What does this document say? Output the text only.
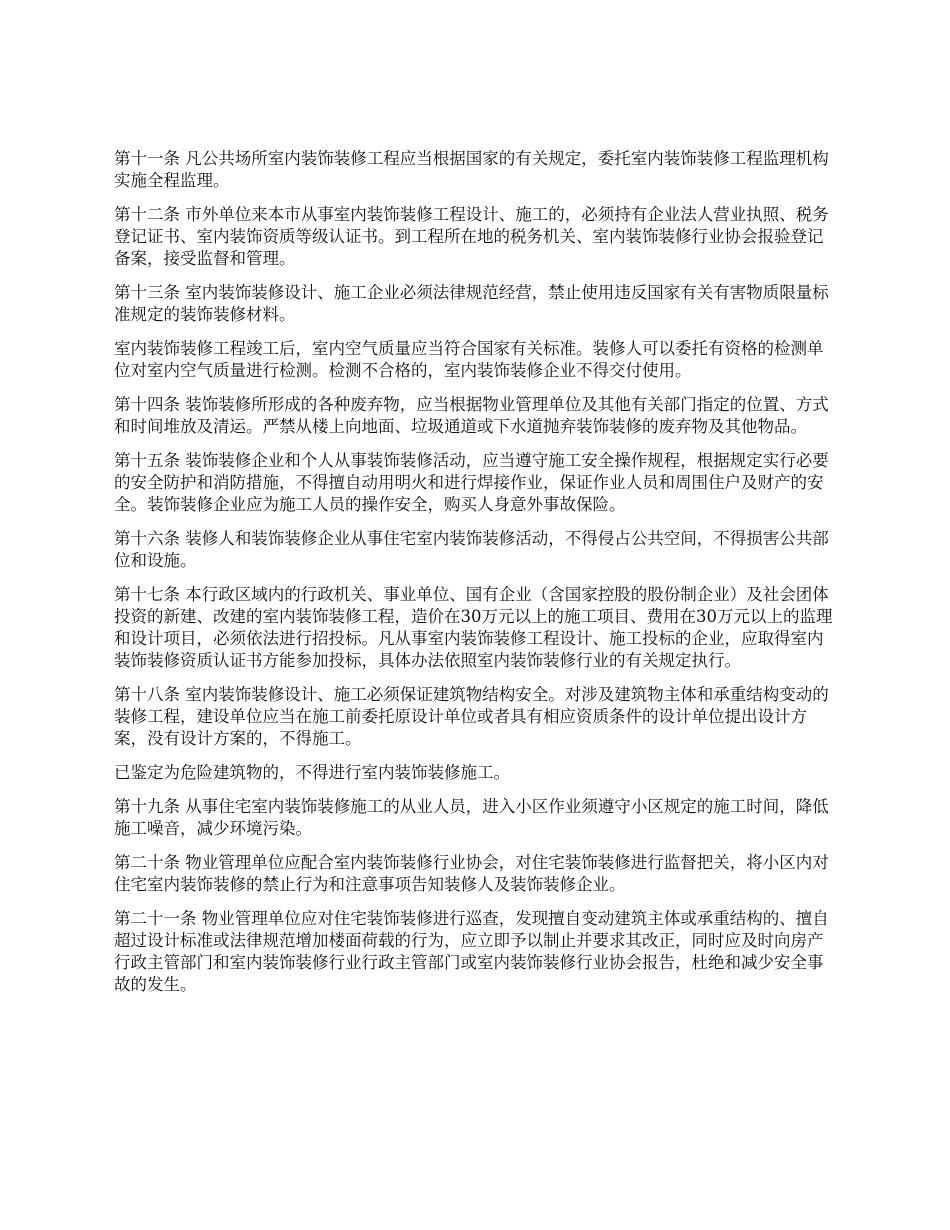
第十一条 凡公共场所室内装饰装修工程应当根据国家的有关规定，委托室内装饰装修工程监理机构实施全程监理。

第十二条 市外单位来本市从事室内装饰装修工程设计、施工的，必须持有企业法人营业执照、税务登记证书、室内装饰资质等级认证书。到工程所在地的税务机关、室内装饰装修行业协会报验登记备案，接受监督和管理。

第十三条 室内装饰装修设计、施工企业必须法律规范经营，禁止使用违反国家有关有害物质限量标准规定的装饰装修材料。

室内装饰装修工程竣工后，室内空气质量应当符合国家有关标准。装修人可以委托有资格的检测单位对室内空气质量进行检测。检测不合格的，室内装饰装修企业不得交付使用。

第十四条 装饰装修所形成的各种废弃物，应当根据物业管理单位及其他有关部门指定的位置、方式和时间堆放及清运。严禁从楼上向地面、垃圾通道或下水道抛弃装饰装修的废弃物及其他物品。

第十五条 装饰装修企业和个人从事装饰装修活动，应当遵守施工安全操作规程，根据规定实行必要的安全防护和消防措施，不得擅自动用明火和进行焊接作业，保证作业人员和周围住户及财产的安全。装饰装修企业应为施工人员的操作安全，购买人身意外事故保险。

第十六条 装修人和装饰装修企业从事住宅室内装饰装修活动，不得侵占公共空间，不得损害公共部位和设施。

第十七条 本行政区域内的行政机关、事业单位、国有企业（含国家控股的股份制企业）及社会团体投资的新建、改建的室内装饰装修工程，造价在30万元以上的施工项目、费用在30万元以上的监理和设计项目，必须依法进行招投标。凡从事室内装饰装修工程设计、施工投标的企业，应取得室内装饰装修资质认证书方能参加投标，具体办法依照室内装饰装修行业的有关规定执行。

第十八条 室内装饰装修设计、施工必须保证建筑物结构安全。对涉及建筑物主体和承重结构变动的装修工程，建设单位应当在施工前委托原设计单位或者具有相应资质条件的设计单位提出设计方案，没有设计方案的，不得施工。

已鉴定为危险建筑物的，不得进行室内装饰装修施工。

第十九条 从事住宅室内装饰装修施工的从业人员，进入小区作业须遵守小区规定的施工时间，降低施工噪音，减少环境污染。

第二十条 物业管理单位应配合室内装饰装修行业协会，对住宅装饰装修进行监督把关，将小区内对住宅室内装饰装修的禁止行为和注意事项告知装修人及装饰装修企业。

第二十一条 物业管理单位应对住宅装饰装修进行巡查，发现擅自变动建筑主体或承重结构的、擅自超过设计标准或法律规范增加楼面荷载的行为，应立即予以制止并要求其改正，同时应及时向房产行政主管部门和室内装饰装修行业行政主管部门或室内装饰装修行业协会报告，杜绝和减少安全事故的发生。
